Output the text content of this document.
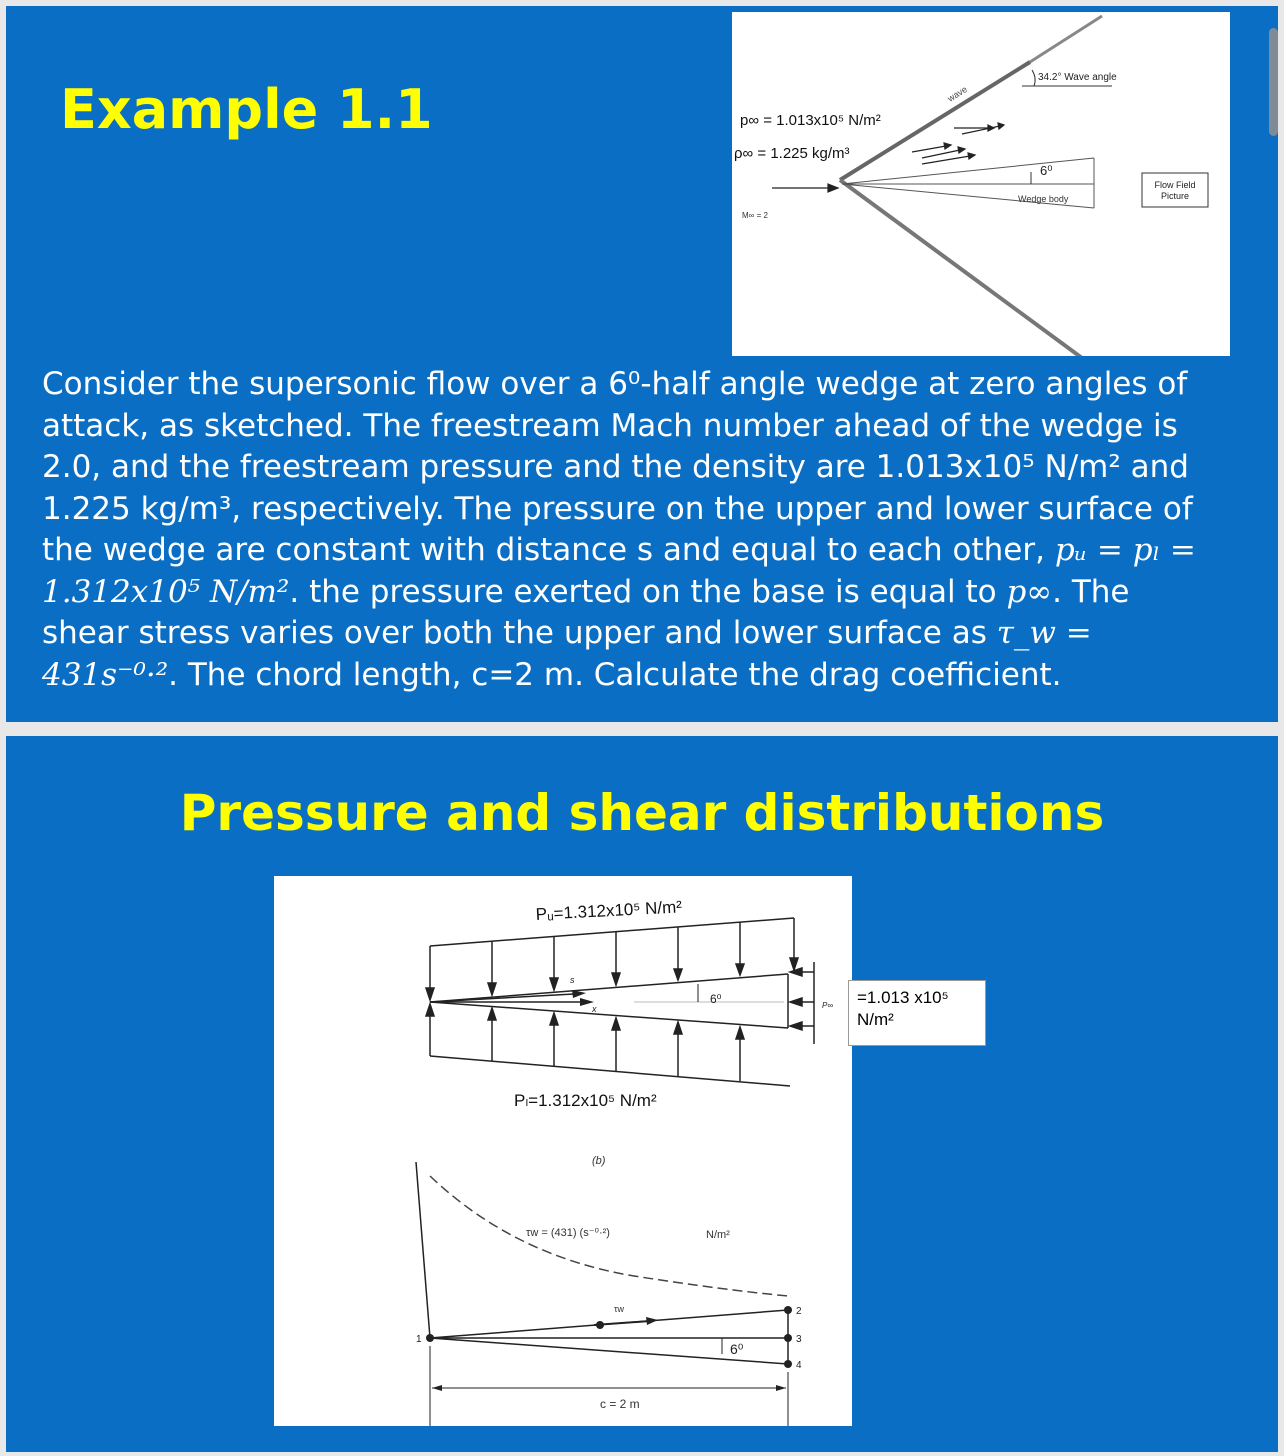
Example 1.1
34.2° Wave angle
wave
6⁰
Wedge body
p∞ = 1.013x10⁵ N/m²
ρ∞ = 1.225 kg/m³
M∞ = 2
Flow Field
Picture
Consider the supersonic flow over a 6⁰-half angle wedge at zero angles of
attack, as sketched. The freestream Mach number ahead of the wedge is
2.0, and the freestream pressure and the density are 1.013x10⁵ N/m² and
1.225 kg/m³, respectively. The pressure on the upper and lower surface of
the wedge are constant with distance s and equal to each other, pᵤ = pₗ =
1.312x10⁵ N/m². the pressure exerted on the base is equal to p∞. The
shear stress varies over both the upper and lower surface as τ_w =
431s⁻⁰·². The chord length, c=2 m. Calculate the drag coefficient.
Pressure and shear distributions
s
x
6⁰	P∞
Pᵤ=1.312x10⁵ N/m²
Pₗ=1.312x10⁵ N/m²
(b)
τw = (431) (s⁻⁰·²)	N/m²
τw
6⁰
1
2
3
4
c = 2 m
=1.013 x10⁵
N/m²
